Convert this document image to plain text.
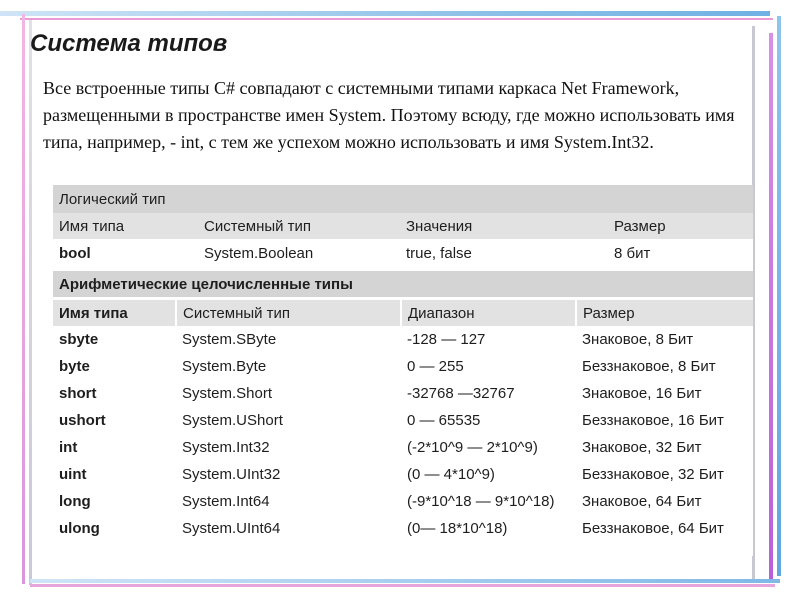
Система типов

Все встроенные типы C# совпадают с системными типами каркаса Net Framework, размещенными в пространстве имен System. Поэтому всюду, где можно использовать имя типа, например, - int, с тем же успехом можно использовать и имя System.Int32.

Логический тип			
Имя типа	Системный тип	Значения	Размер
bool	System.Boolean	true, false	8 бит
Арифметические целочисленные типы			

Имя типа	Системный тип	Диапазон	Размер
sbyte	System.SByte	-128 — 127	Знаковое, 8 Бит
byte	System.Byte	0 — 255	Беззнаковое, 8 Бит
short	System.Short	-32768 —32767	Знаковое, 16 Бит
ushort	System.UShort	0 — 65535	Беззнаковое, 16 Бит
int	System.Int32	(-2*10^9 — 2*10^9)	Знаковое, 32 Бит
uint	System.UInt32	(0 — 4*10^9)	Беззнаковое, 32 Бит
long	System.Int64	(-9*10^18 — 9*10^18)	Знаковое, 64 Бит
ulong	System.UInt64	(0— 18*10^18)	Беззнаковое, 64 Бит
